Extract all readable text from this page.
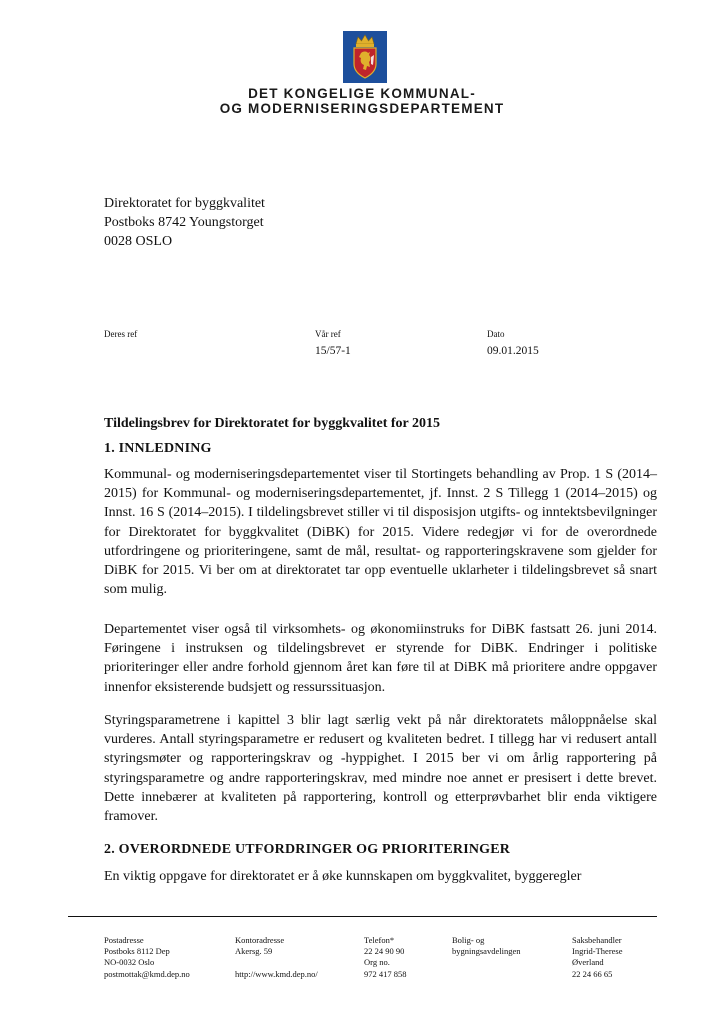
DET KONGELIGE KOMMUNAL-
OG MODERNISERINGSDEPARTEMENT
Direktoratet for byggkvalitet
Postboks 8742 Youngstorget
0028 OSLO
Deres ref	Vår ref
15/57-1
Dato
09.01.2015
Tildelingsbrev for Direktoratet for byggkvalitet for 2015
1. INNLEDNING
Kommunal- og moderniseringsdepartementet viser til Stortingets behandling av Prop. 1 S (2014–2015) for Kommunal- og moderniseringsdepartementet, jf. Innst. 2 S Tillegg 1 (2014–2015) og Innst. 16 S (2014–2015). I tildelingsbrevet stiller vi til disposisjon utgifts- og inntektsbevilgninger for Direktoratet for byggkvalitet (DiBK) for 2015. Videre redegjør vi for de overordnede utfordringene og prioriteringene, samt de mål, resultat- og rapporteringskravene som gjelder for DiBK for 2015. Vi ber om at direktoratet tar opp eventuelle uklarheter i tildelingsbrevet så snart som mulig.
Departementet viser også til virksomhets- og økonomiinstruks for DiBK fastsatt 26. juni 2014. Føringene i instruksen og tildelingsbrevet er styrende for DiBK. Endringer i politiske prioriteringer eller andre forhold gjennom året kan føre til at DiBK må prioritere andre oppgaver innenfor eksisterende budsjett og ressurssituasjon.
Styringsparametrene i kapittel 3 blir lagt særlig vekt på når direktoratets måloppnåelse skal vurderes. Antall styringsparametre er redusert og kvaliteten bedret. I tillegg har vi redusert antall styringsmøter og rapporteringskrav og -hyppighet. I 2015 ber vi om årlig rapportering på styringsparametre og andre rapporteringskrav, med mindre noe annet er presisert i dette brevet. Dette innebærer at kvaliteten på rapportering, kontroll og etterprøvbarhet blir enda viktigere framover.
2. OVERORDNEDE UTFORDRINGER OG PRIORITERINGER
En viktig oppgave for direktoratet er å øke kunnskapen om byggkvalitet, byggeregler
Postadresse
Postboks 8112 Dep
NO-0032 Oslo
postmottak@kmd.dep.no
Kontoradresse
Akersg. 59

http://www.kmd.dep.no/
Telefon*
22 24 90 90
Org no.
972 417 858
Bolig- og
bygningsavdelingen
Saksbehandler
Ingrid-Therese
Øverland
22 24 66 65
